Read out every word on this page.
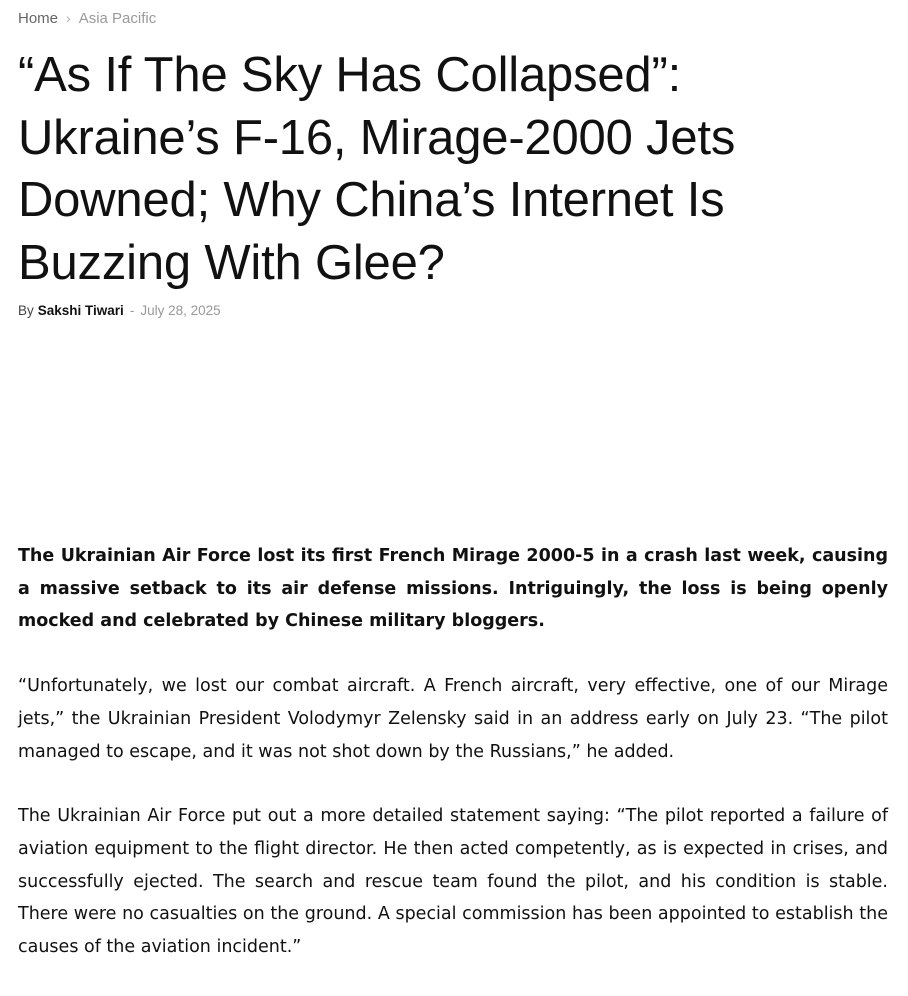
Home › Asia Pacific
“As If The Sky Has Collapsed”: Ukraine’s F-16, Mirage-2000 Jets Downed; Why China’s Internet Is Buzzing With Glee?
By Sakshi Tiwari - July 28, 2025

The Ukrainian Air Force lost its first French Mirage 2000-5 in a crash last week, causing a massive setback to its air defense missions. Intriguingly, the loss is being openly mocked and celebrated by Chinese military bloggers.

“Unfortunately, we lost our combat aircraft. A French aircraft, very effective, one of our Mirage jets,” the Ukrainian President Volodymyr Zelensky said in an address early on July 23. “The pilot managed to escape, and it was not shot down by the Russians,” he added.

The Ukrainian Air Force put out a more detailed statement saying: “The pilot reported a failure of aviation equipment to the flight director. He then acted competently, as is expected in crises, and successfully ejected. The search and rescue team found the pilot, and his condition is stable. There were no casualties on the ground. A special commission has been appointed to establish the causes of the aviation incident.”
